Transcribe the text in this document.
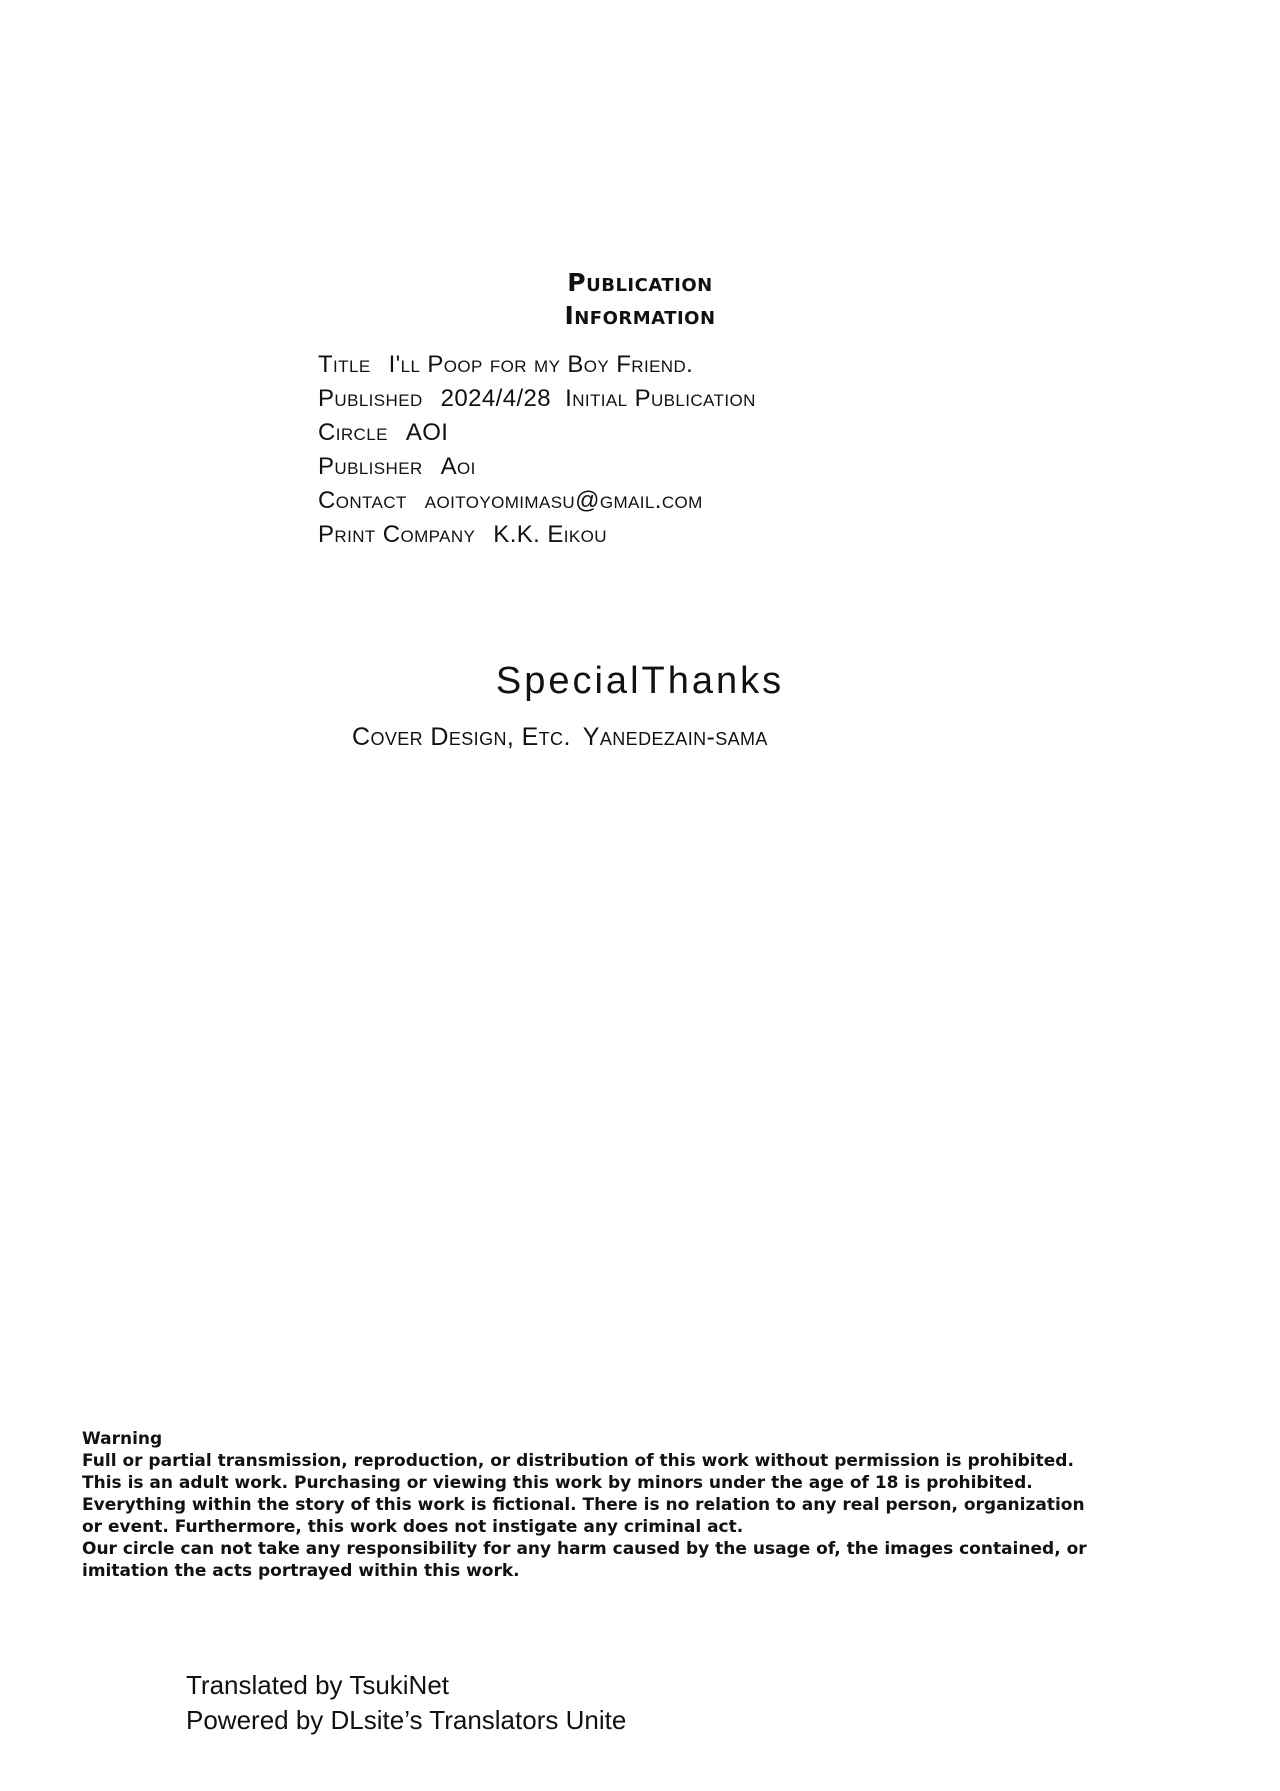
Publication
Information
Title I'll Poop for my Boy Friend.
Published 2024/4/28  Initial Publication
Circle AOI
Publisher Aoi
Contact aoitoyomimasu@gmail.com
Print Company K.K. Eikou
SpecialThanks
Cover Design, Etc. Yanedezain-sama
Warning
Full or partial transmission, reproduction, or distribution of this work without permission is prohibited.
This is an adult work. Purchasing or viewing this work by minors under the age of 18 is prohibited.
Everything within the story of this work is fictional. There is no relation to any real person, organization
or event. Furthermore, this work does not instigate any criminal act.
Our circle can not take any responsibility for any harm caused by the usage of, the images contained, or
imitation the acts portrayed within this work.
Translated by TsukiNet
Powered by DLsite’s Translators Unite
